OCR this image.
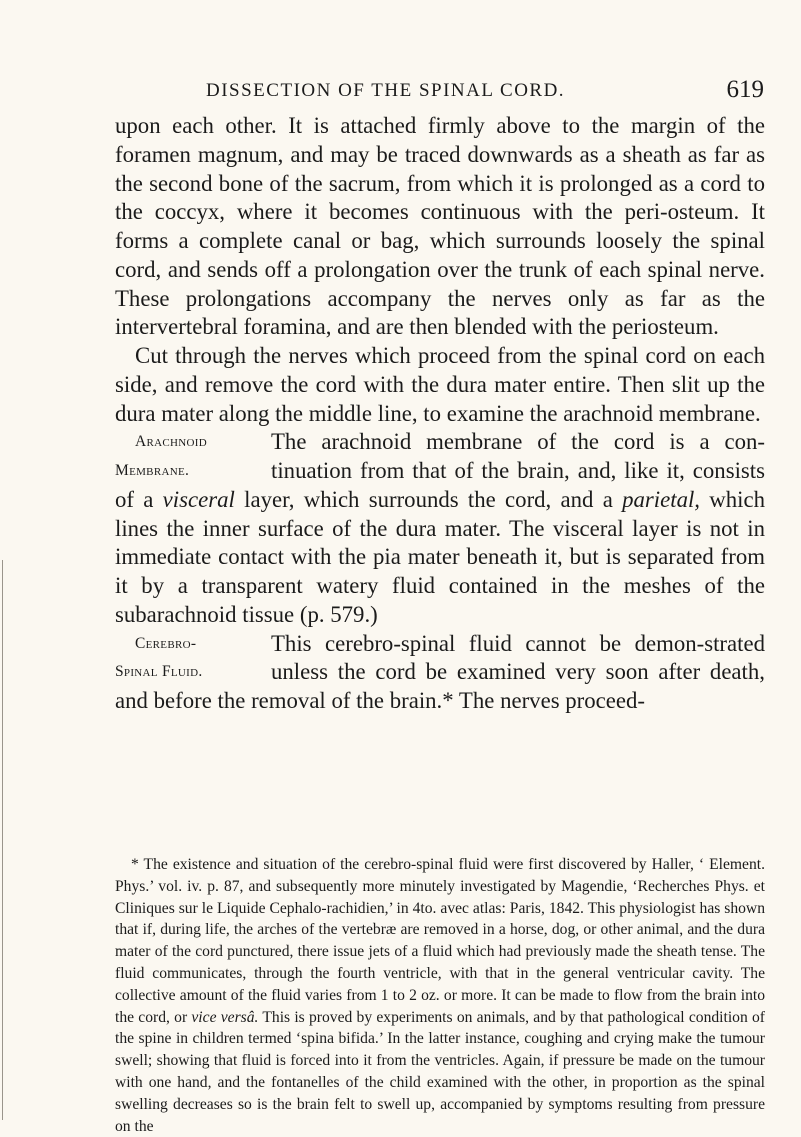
DISSECTION OF THE SPINAL CORD.	619

upon each other. It is attached firmly above to the margin of the foramen magnum, and may be traced downwards as a sheath as far as the second bone of the sacrum, from which it is prolonged as a cord to the coccyx, where it becomes continuous with the peri-osteum. It forms a complete canal or bag, which surrounds loosely the spinal cord, and sends off a prolongation over the trunk of each spinal nerve. These prolongations accompany the nerves only as far as the intervertebral foramina, and are then blended with the periosteum.

Cut through the nerves which proceed from the spinal cord on each side, and remove the cord with the dura mater entire. Then slit up the dura mater along the middle line, to examine the arachnoid membrane.

Arachnoid
Membrane.

The arachnoid membrane of the cord is a con-tinuation from that of the brain, and, like it, consists of a visceral layer, which surrounds the cord, and a parietal, which lines the inner surface of the dura mater. The visceral layer is not in immediate contact with the pia mater beneath it, but is separated from it by a transparent watery fluid contained in the meshes of the subarachnoid tissue (p. 579.)

Cerebro-
Spinal Fluid.

This cerebro-spinal fluid cannot be demon-strated unless the cord be examined very soon after death, and before the removal of the brain.* The nerves proceed-

* The existence and situation of the cerebro-spinal fluid were first discovered by Haller, ‘ Element. Phys.’ vol. iv. p. 87, and subsequently more minutely investigated by Magendie, ‘Recherches Phys. et Cliniques sur le Liquide Cephalo-rachidien,’ in 4to. avec atlas: Paris, 1842. This physiologist has shown that if, during life, the arches of the vertebræ are removed in a horse, dog, or other animal, and the dura mater of the cord punctured, there issue jets of a fluid which had previously made the sheath tense. The fluid communicates, through the fourth ventricle, with that in the general ventricular cavity. The collective amount of the fluid varies from 1 to 2 oz. or more. It can be made to flow from the brain into the cord, or vice versâ. This is proved by experiments on animals, and by that pathological condition of the spine in children termed ‘spina bifida.’ In the latter instance, coughing and crying make the tumour swell; showing that fluid is forced into it from the ventricles. Again, if pressure be made on the tumour with one hand, and the fontanelles of the child examined with the other, in proportion as the spinal swelling decreases so is the brain felt to swell up, accompanied by symptoms resulting from pressure on the
